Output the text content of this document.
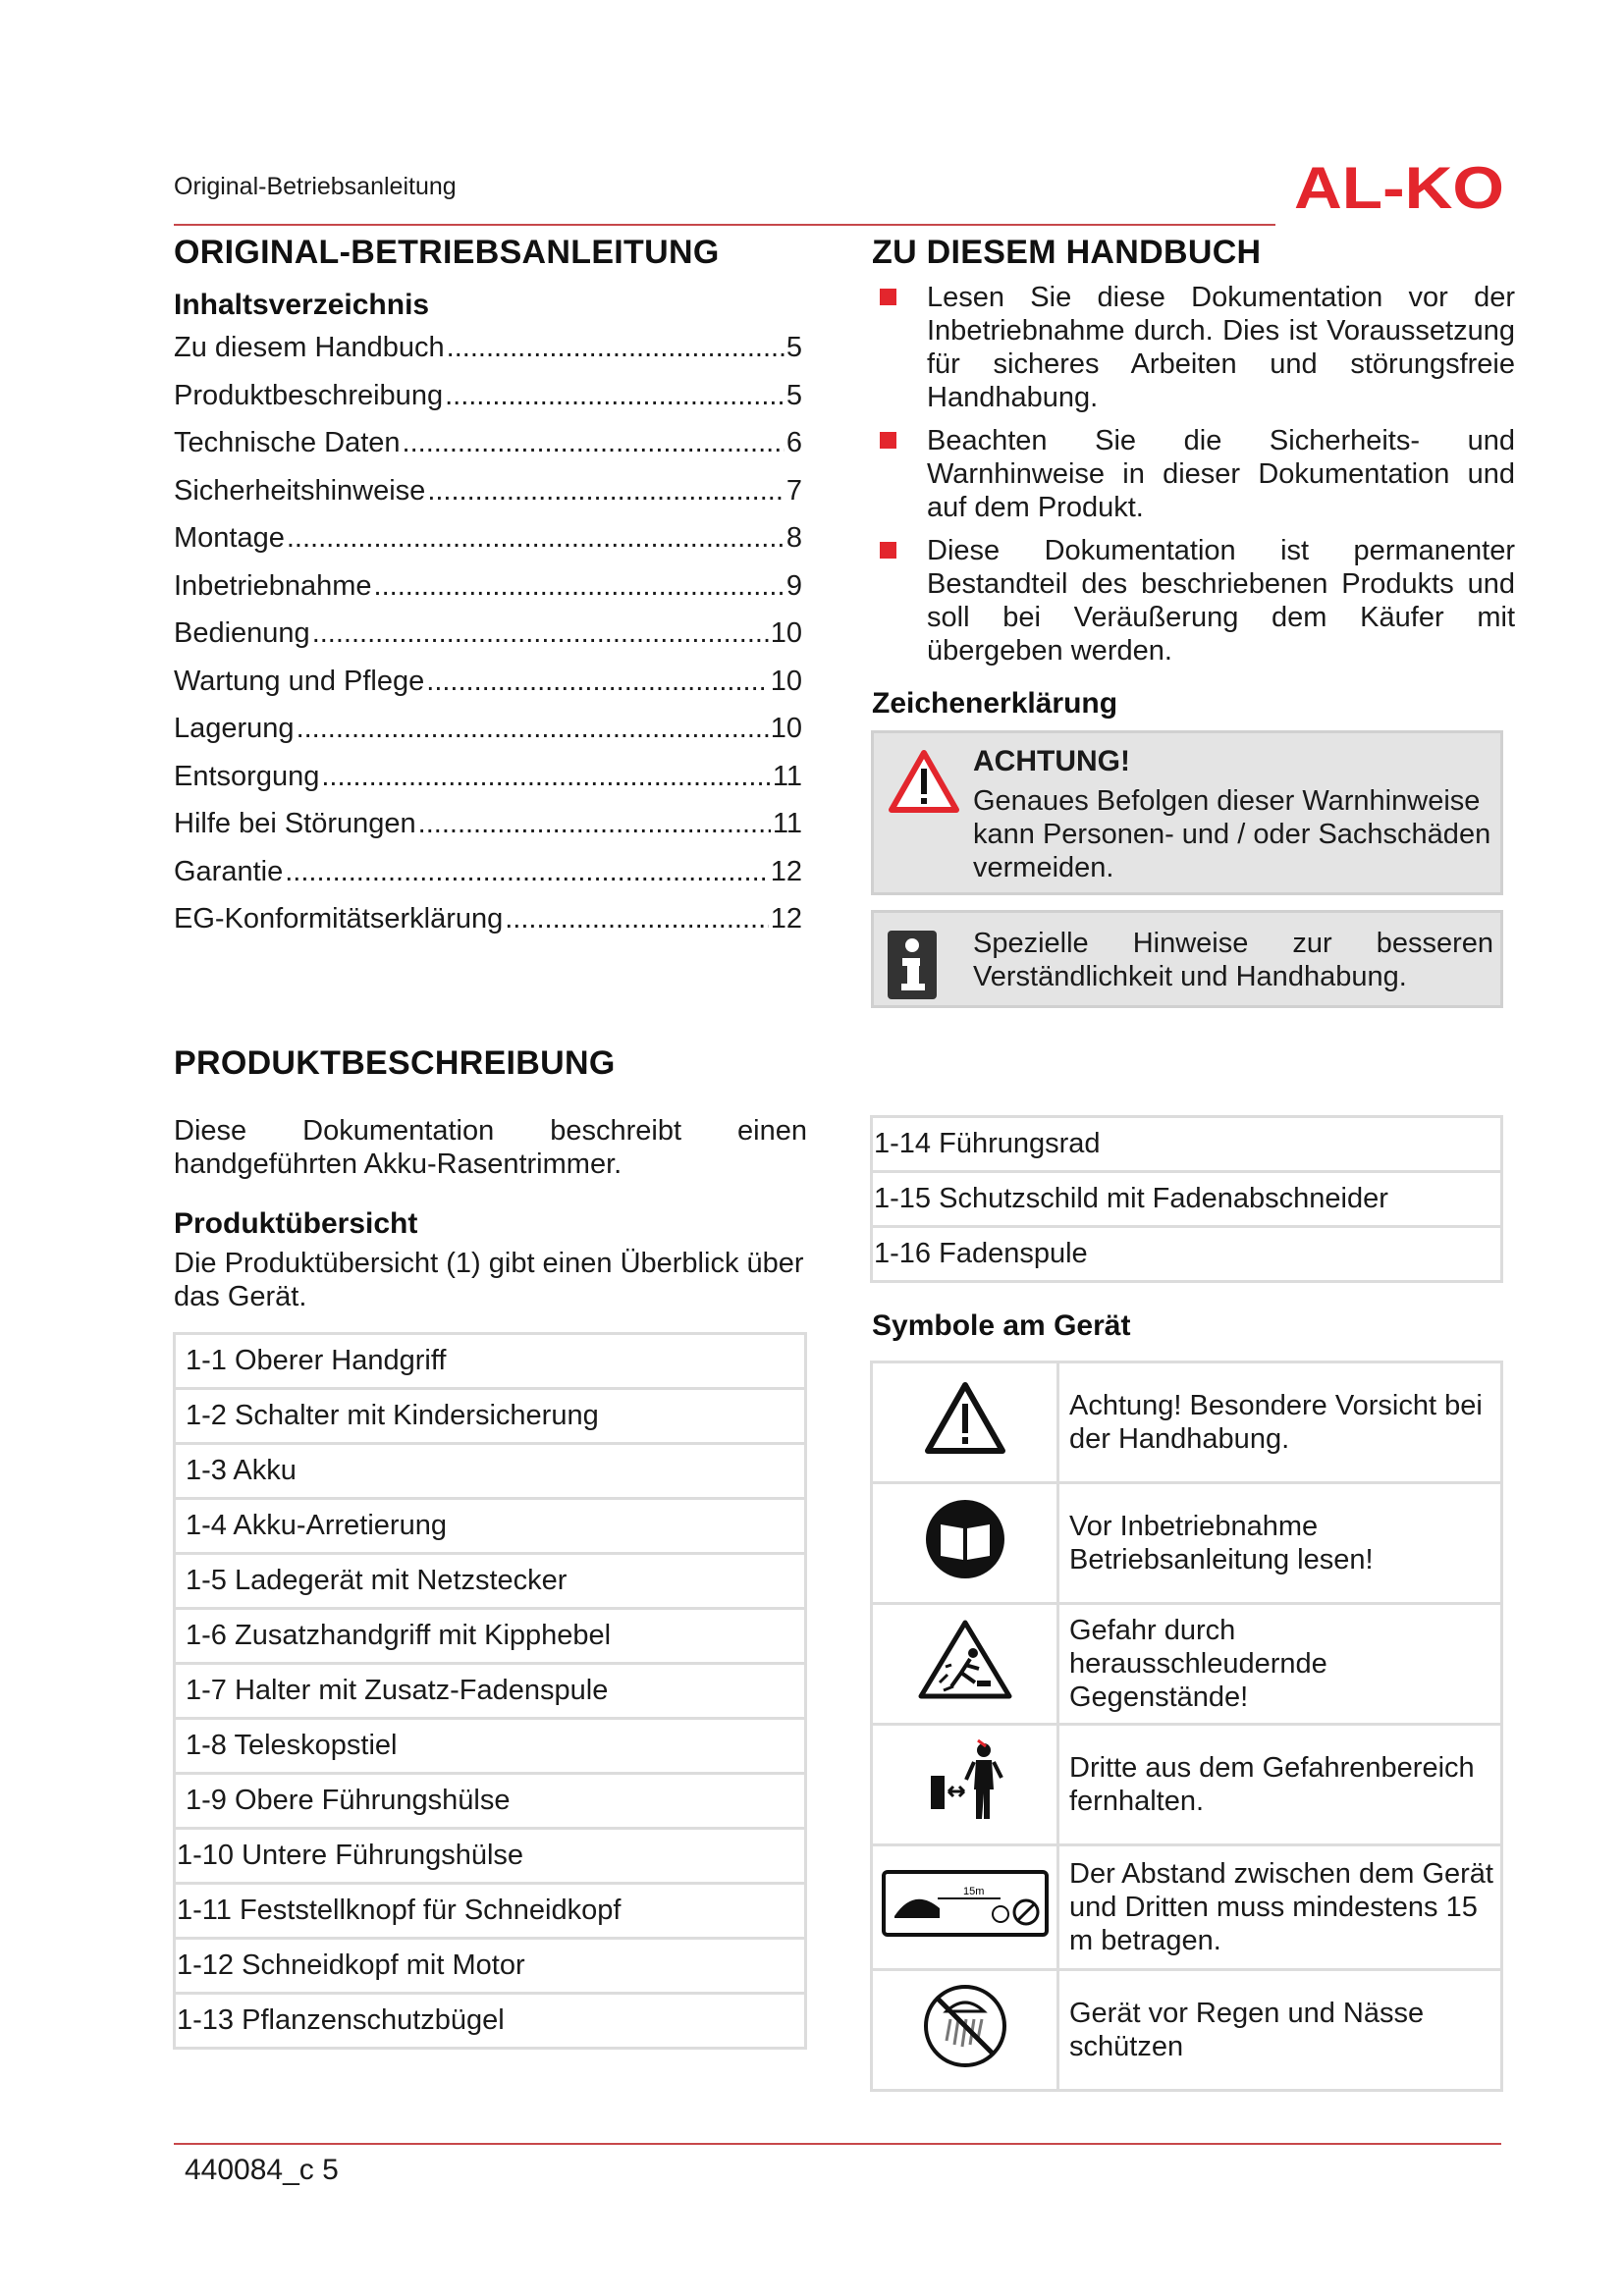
Original-Betriebsanleitung	AL-KO
ORIGINAL-BETRIEBSANLEITUNG
Inhaltsverzeichnis
Zu diesem Handbuch .....	5
Produktbeschreibung .....	5
Technische Daten .....	6
Sicherheitshinweise .....	7
Montage .....	8
Inbetriebnahme .....	9
Bedienung .....	10
Wartung und Pflege .....	10
Lagerung .....	10
Entsorgung .....	11
Hilfe bei Störungen .....	11
Garantie .....	12
EG-Konformitätserklärung .....	12
ZU DIESEM HANDBUCH
Lesen Sie diese Dokumentation vor der Inbetriebnahme durch. Dies ist Voraussetzung für sicheres Arbeiten und störungsfreie Handhabung.
Beachten Sie die Sicherheits- und Warnhinweise in dieser Dokumentation und auf dem Produkt.
Diese Dokumentation ist permanenter Bestandteil des beschriebenen Produkts und soll bei Veräußerung dem Käufer mit übergeben werden.
Zeichenerklärung
ACHTUNG!
Genaues Befolgen dieser Warnhinweise kann Personen- und / oder Sachschäden vermeiden.
Spezielle Hinweise zur besseren Verständlichkeit und Handhabung.
PRODUKTBESCHREIBUNG
Diese Dokumentation beschreibt einen handgeführten Akku-Rasentrimmer.
Produktübersicht
Die Produktübersicht (1) gibt einen Überblick über das Gerät.
1-1 Oberer Handgriff
1-2 Schalter mit Kindersicherung
1-3 Akku
1-4 Akku-Arretierung
1-5 Ladegerät mit Netzstecker
1-6 Zusatzhandgriff mit Kipphebel
1-7 Halter mit Zusatz-Fadenspule
1-8 Teleskopstiel
1-9 Obere Führungshülse
1-10 Untere Führungshülse
1-11 Feststellknopf für Schneidkopf
1-12 Schneidkopf mit Motor
1-13 Pflanzenschutzbügel
1-14 Führungsrad
1-15 Schutzschild mit Fadenabschneider
1-16 Fadenspule
Symbole am Gerät
	Achtung! Besondere Vorsicht bei der Handhabung.
	Vor Inbetriebnahme Betriebsanleitung lesen!
	Gefahr durch herausschleudernde Gegenstände!
	Dritte aus dem Gefahrenbereich fernhalten.

15m	Der Abstand zwischen dem Gerät und Dritten muss mindestens 15 m betragen.
	Gerät vor Regen und Nässe schützen
440084_c 5
